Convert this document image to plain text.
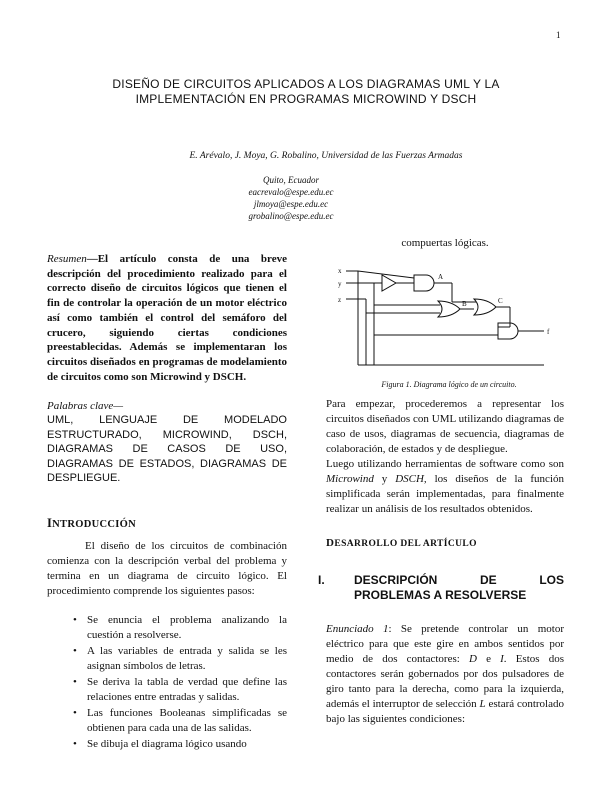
1
DISEÑO DE CIRCUITOS APLICADOS A LOS DIAGRAMAS UML Y LA
IMPLEMENTACIÓN EN PROGRAMAS MICROWIND Y DSCH
E. Arévalo, J. Moya, G. Robalino, Universidad de las Fuerzas Armadas
Quito, Ecuador
eacrevalo@espe.edu.ec
jlmoya@espe.edu.ec
grobalino@espe.edu.ec

Resumen—El artículo consta de una breve descripción del procedimiento realizado para el correcto diseño de circuitos lógicos que tienen el fin de controlar la operación de un motor eléctrico así como también el control del semáforo del crucero, siguiendo ciertas condiciones preestablecidas. Además se implementaran los circuitos diseñados en programas de modelamiento de circuitos como son Microwind y DSCH.

Palabras clave—
UML, LENGUAJE DE MODELADO ESTRUCTURADO, MICROWIND, DSCH, DIAGRAMAS DE CASOS DE USO, DIAGRAMAS DE ESTADOS, DIAGRAMAS DE DESPLIEGUE.
INTRODUCCIÓN

El diseño de los circuitos de combinación comienza con la descripción verbal del problema y termina en un diagrama de circuito lógico. El procedimiento comprende los siguientes pasos:

• Se enuncia el problema analizando la cuestión a resolverse.
• A las variables de entrada y salida se les asignan símbolos de letras.
• Se deriva la tabla de verdad que define las relaciones entre entradas y salidas.
• Las funciones Booleanas simplificadas se obtienen para cada una de las salidas.
• Se dibuja el diagrama lógico usando
compuertas lógicas.
x
y
z
A
B	C
f
Figura 1. Diagrama lógico de un circuito.

Para empezar, procederemos a representar los circuitos diseñados con UML utilizando diagramas de caso de usos, diagramas de secuencia, diagramas de colaboración, de estados y de despliegue.

Luego utilizando herramientas de software como son Microwind y DSCH, los diseños de la función simplificada serán implementadas, para finalmente realizar un análisis de los resultados obtenidos.

DESARROLLO DEL ARTÍCULO
I.	DESCRIPCIÓN DE LOS
PROBLEMAS A RESOLVERSE

Enunciado 1: Se pretende controlar un motor eléctrico para que este gire en ambos sentidos por medio de dos contactores: D e I. Estos dos contactores serán gobernados por dos pulsadores de giro tanto para la derecha, como para la izquierda, además el interruptor de selección L estará controlado bajo las siguientes condiciones:
